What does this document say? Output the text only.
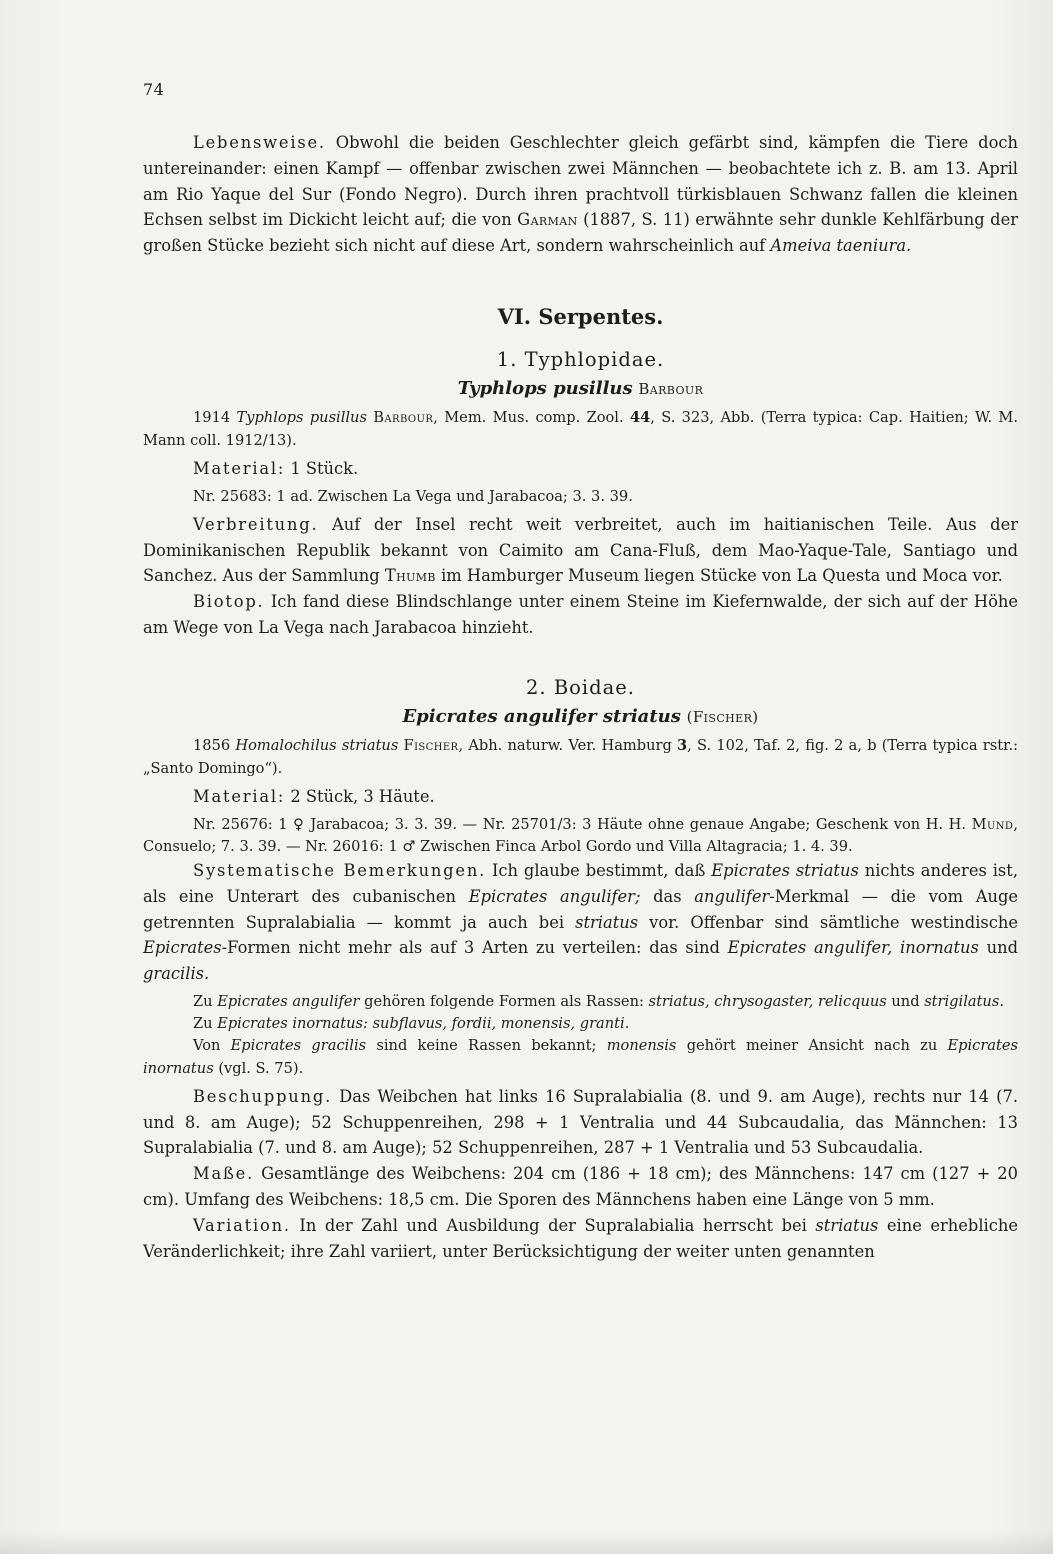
74

Lebensweise. Obwohl die beiden Geschlechter gleich gefärbt sind, kämpfen die Tiere doch untereinander: einen Kampf — offenbar zwischen zwei Männchen — beobachtete ich z. B. am 13. April am Rio Yaque del Sur (Fondo Negro). Durch ihren prachtvoll türkisblauen Schwanz fallen die kleinen Echsen selbst im Dickicht leicht auf; die von Garman (1887, S. 11) erwähnte sehr dunkle Kehlfärbung der großen Stücke bezieht sich nicht auf diese Art, sondern wahrscheinlich auf Ameiva taeniura.

VI. Serpentes.

1. Typhlopidae.

Typhlops pusillus Barbour

1914 Typhlops pusillus Barbour, Mem. Mus. comp. Zool. 44, S. 323, Abb. (Terra typica: Cap. Haitien; W. M. Mann coll. 1912/13).

Material: 1 Stück.

Nr. 25683: 1 ad. Zwischen La Vega und Jarabacoa; 3. 3. 39.

Verbreitung. Auf der Insel recht weit verbreitet, auch im haitianischen Teile. Aus der Dominikanischen Republik bekannt von Caimito am Cana-Fluß, dem Mao-Yaque-Tale, Santiago und Sanchez. Aus der Sammlung Thumb im Hamburger Museum liegen Stücke von La Questa und Moca vor.

Biotop. Ich fand diese Blindschlange unter einem Steine im Kiefernwalde, der sich auf der Höhe am Wege von La Vega nach Jarabacoa hinzieht.

2. Boidae.

Epicrates angulifer striatus (Fischer)

1856 Homalochilus striatus Fischer, Abh. naturw. Ver. Hamburg 3, S. 102, Taf. 2, fig. 2 a, b (Terra typica rstr.: „Santo Domingo“).

Material: 2 Stück, 3 Häute.

Nr. 25676: 1 ♀ Jarabacoa; 3. 3. 39. — Nr. 25701/3: 3 Häute ohne genaue Angabe; Geschenk von H. H. Mund, Consuelo; 7. 3. 39. — Nr. 26016: 1 ♂ Zwischen Finca Arbol Gordo und Villa Altagracia; 1. 4. 39.

Systematische Bemerkungen. Ich glaube bestimmt, daß Epicrates striatus nichts anderes ist, als eine Unterart des cubanischen Epicrates angulifer; das angulifer-Merkmal — die vom Auge getrennten Supralabialia — kommt ja auch bei striatus vor. Offenbar sind sämtliche westindische Epicrates-Formen nicht mehr als auf 3 Arten zu verteilen: das sind Epicrates angulifer, inornatus und gracilis.

Zu Epicrates angulifer gehören folgende Formen als Rassen: striatus, chrysogaster, relicquus und strigilatus.

Zu Epicrates inornatus: subflavus, fordii, monensis, granti.

Von Epicrates gracilis sind keine Rassen bekannt; monensis gehört meiner Ansicht nach zu Epicrates inornatus (vgl. S. 75).

Beschuppung. Das Weibchen hat links 16 Supralabialia (8. und 9. am Auge), rechts nur 14 (7. und 8. am Auge); 52 Schuppenreihen, 298 + 1 Ventralia und 44 Subcaudalia, das Männchen: 13 Supralabialia (7. und 8. am Auge); 52 Schuppenreihen, 287 + 1 Ventralia und 53 Subcaudalia.

Maße. Gesamtlänge des Weibchens: 204 cm (186 + 18 cm); des Männchens: 147 cm (127 + 20 cm). Umfang des Weibchens: 18,5 cm. Die Sporen des Männchens haben eine Länge von 5 mm.

Variation. In der Zahl und Ausbildung der Supralabialia herrscht bei striatus eine erhebliche Veränderlichkeit; ihre Zahl variiert, unter Berücksichtigung der weiter unten genannten
